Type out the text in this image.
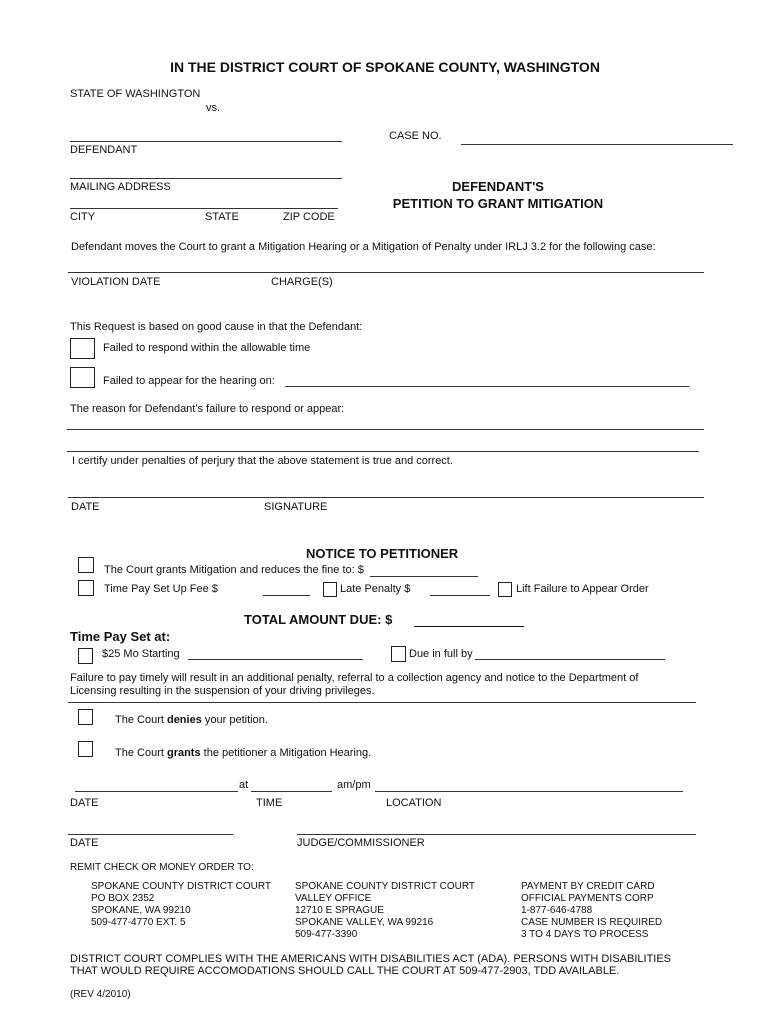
IN THE DISTRICT COURT OF SPOKANE COUNTY, WASHINGTON
STATE OF WASHINGTON
vs.
DEFENDANT
CASE NO.
MAILING ADDRESS
CITY	STATE	ZIP CODE
DEFENDANT'S
PETITION TO GRANT MITIGATION
Defendant moves the Court to grant a Mitigation Hearing or a Mitigation of Penalty under IRLJ 3.2 for the following case:
VIOLATION DATE	CHARGE(S)
This Request is based on good cause in that the Defendant:
Failed to respond within the allowable time
Failed to appear for the hearing on:
The reason for Defendant's failure to respond or appear:
I certify under penalties of perjury that the above statement is true and correct.
DATE	SIGNATURE
NOTICE TO PETITIONER
The Court grants Mitigation and reduces the fine to: $
Time Pay Set Up Fee $	Late Penalty $	Lift Failure to Appear Order
TOTAL AMOUNT DUE: $
Time Pay Set at:
$25 Mo Starting	Due in full by
Failure to pay timely will result in an additional penalty, referral to a collection agency and notice to the Department of
Licensing resulting in the suspension of your driving privileges.
The Court denies your petition.
The Court grants the petitioner a Mitigation Hearing.
at	am/pm
DATE	TIME	LOCATION
DATE	JUDGE/COMMISSIONER
REMIT CHECK OR MONEY ORDER TO:
SPOKANE COUNTY DISTRICT COURT
PO BOX 2352
SPOKANE, WA 99210
509-477-4770 EXT. 5
SPOKANE COUNTY DISTRICT COURT
VALLEY OFFICE
12710 E SPRAGUE
SPOKANE VALLEY, WA 99216
509-477-3390
PAYMENT BY CREDIT CARD
OFFICIAL PAYMENTS CORP
1-877-646-4788
CASE NUMBER IS REQUIRED
3 TO 4 DAYS TO PROCESS
DISTRICT COURT COMPLIES WITH THE AMERICANS WITH DISABILITIES ACT (ADA). PERSONS WITH DISABILITIES
THAT WOULD REQUIRE ACCOMODATIONS SHOULD CALL THE COURT AT 509-477-2903, TDD AVAILABLE.
(REV 4/2010)
